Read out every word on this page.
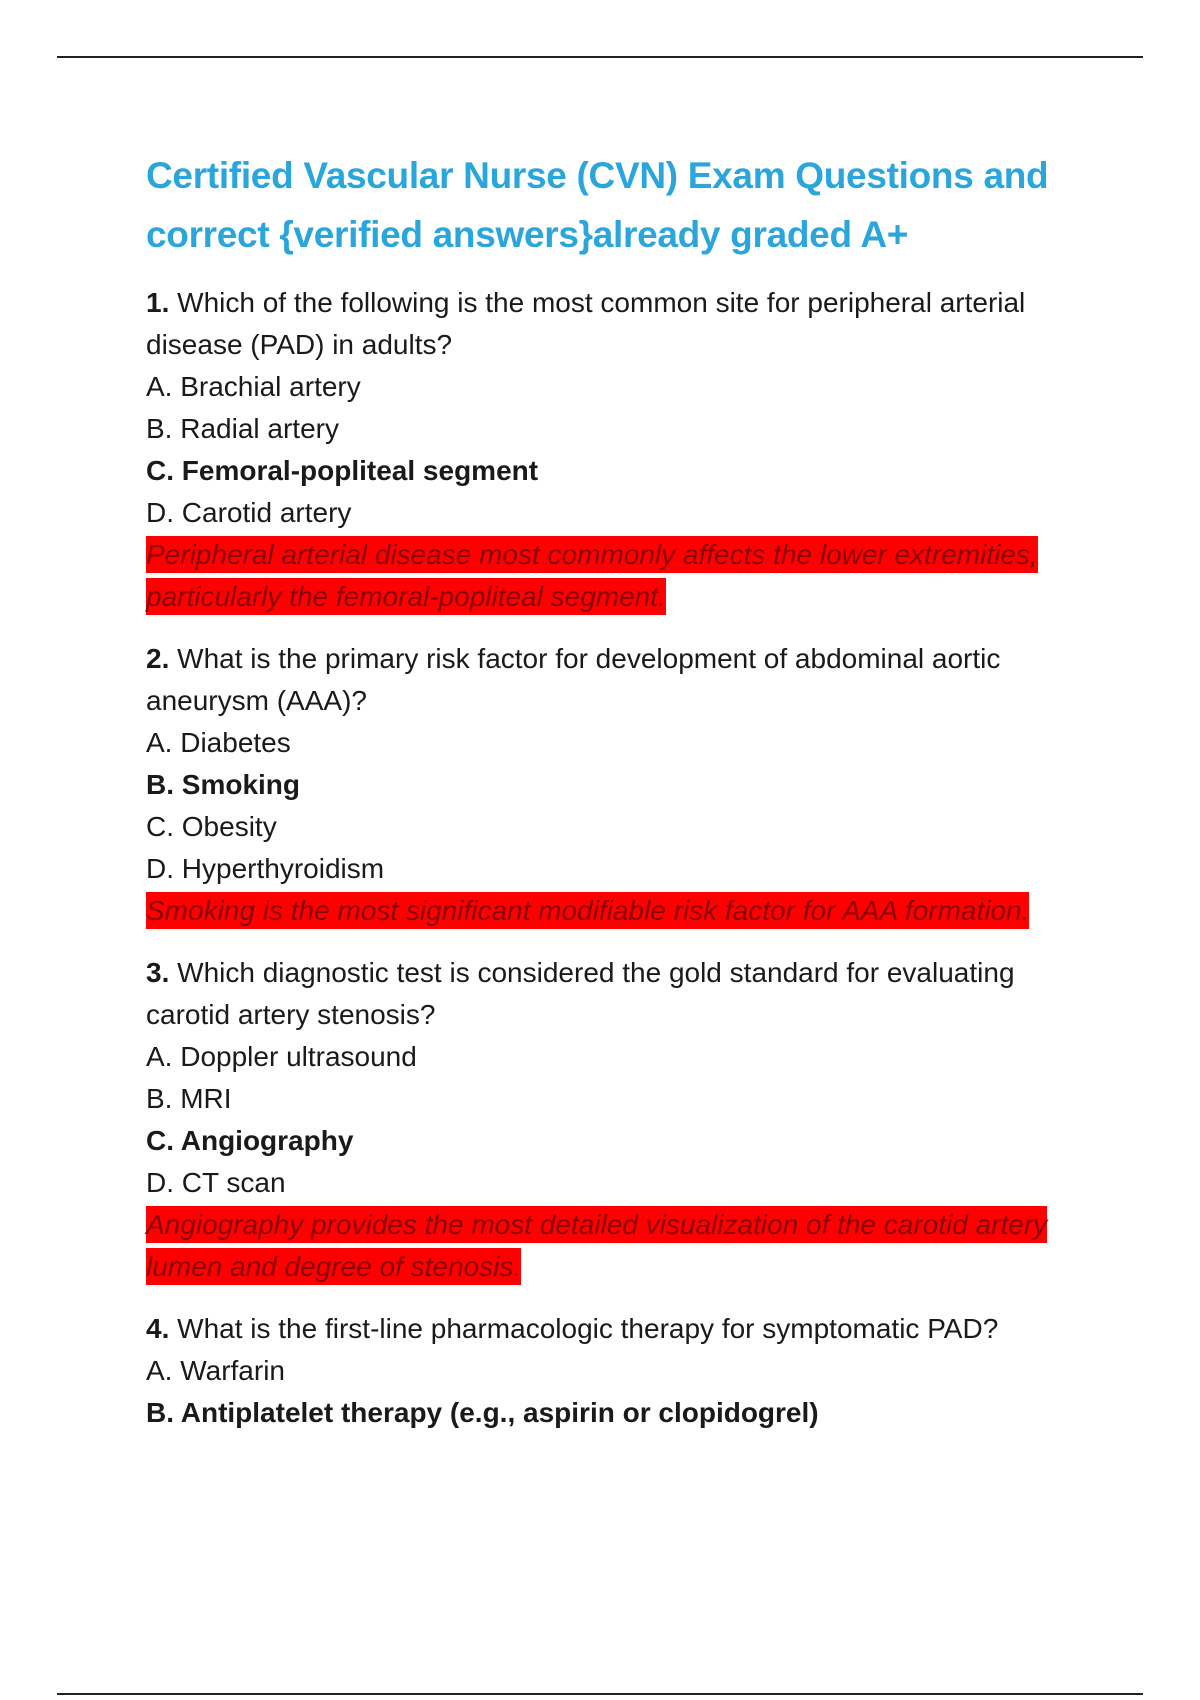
Certified Vascular Nurse (CVN) Exam Questions and correct {verified answers}already graded A+

1. Which of the following is the most common site for peripheral arterial disease (PAD) in adults?

A. Brachial artery

B. Radial artery

C. Femoral-popliteal segment

D. Carotid artery

Peripheral arterial disease most commonly affects the lower extremities, particularly the femoral-popliteal segment.

2. What is the primary risk factor for development of abdominal aortic aneurysm (AAA)?

A. Diabetes

B. Smoking

C. Obesity

D. Hyperthyroidism

Smoking is the most significant modifiable risk factor for AAA formation.

3. Which diagnostic test is considered the gold standard for evaluating carotid artery stenosis?

A. Doppler ultrasound

B. MRI

C. Angiography

D. CT scan

Angiography provides the most detailed visualization of the carotid artery lumen and degree of stenosis.

4. What is the first-line pharmacologic therapy for symptomatic PAD?

A. Warfarin

B. Antiplatelet therapy (e.g., aspirin or clopidogrel)
